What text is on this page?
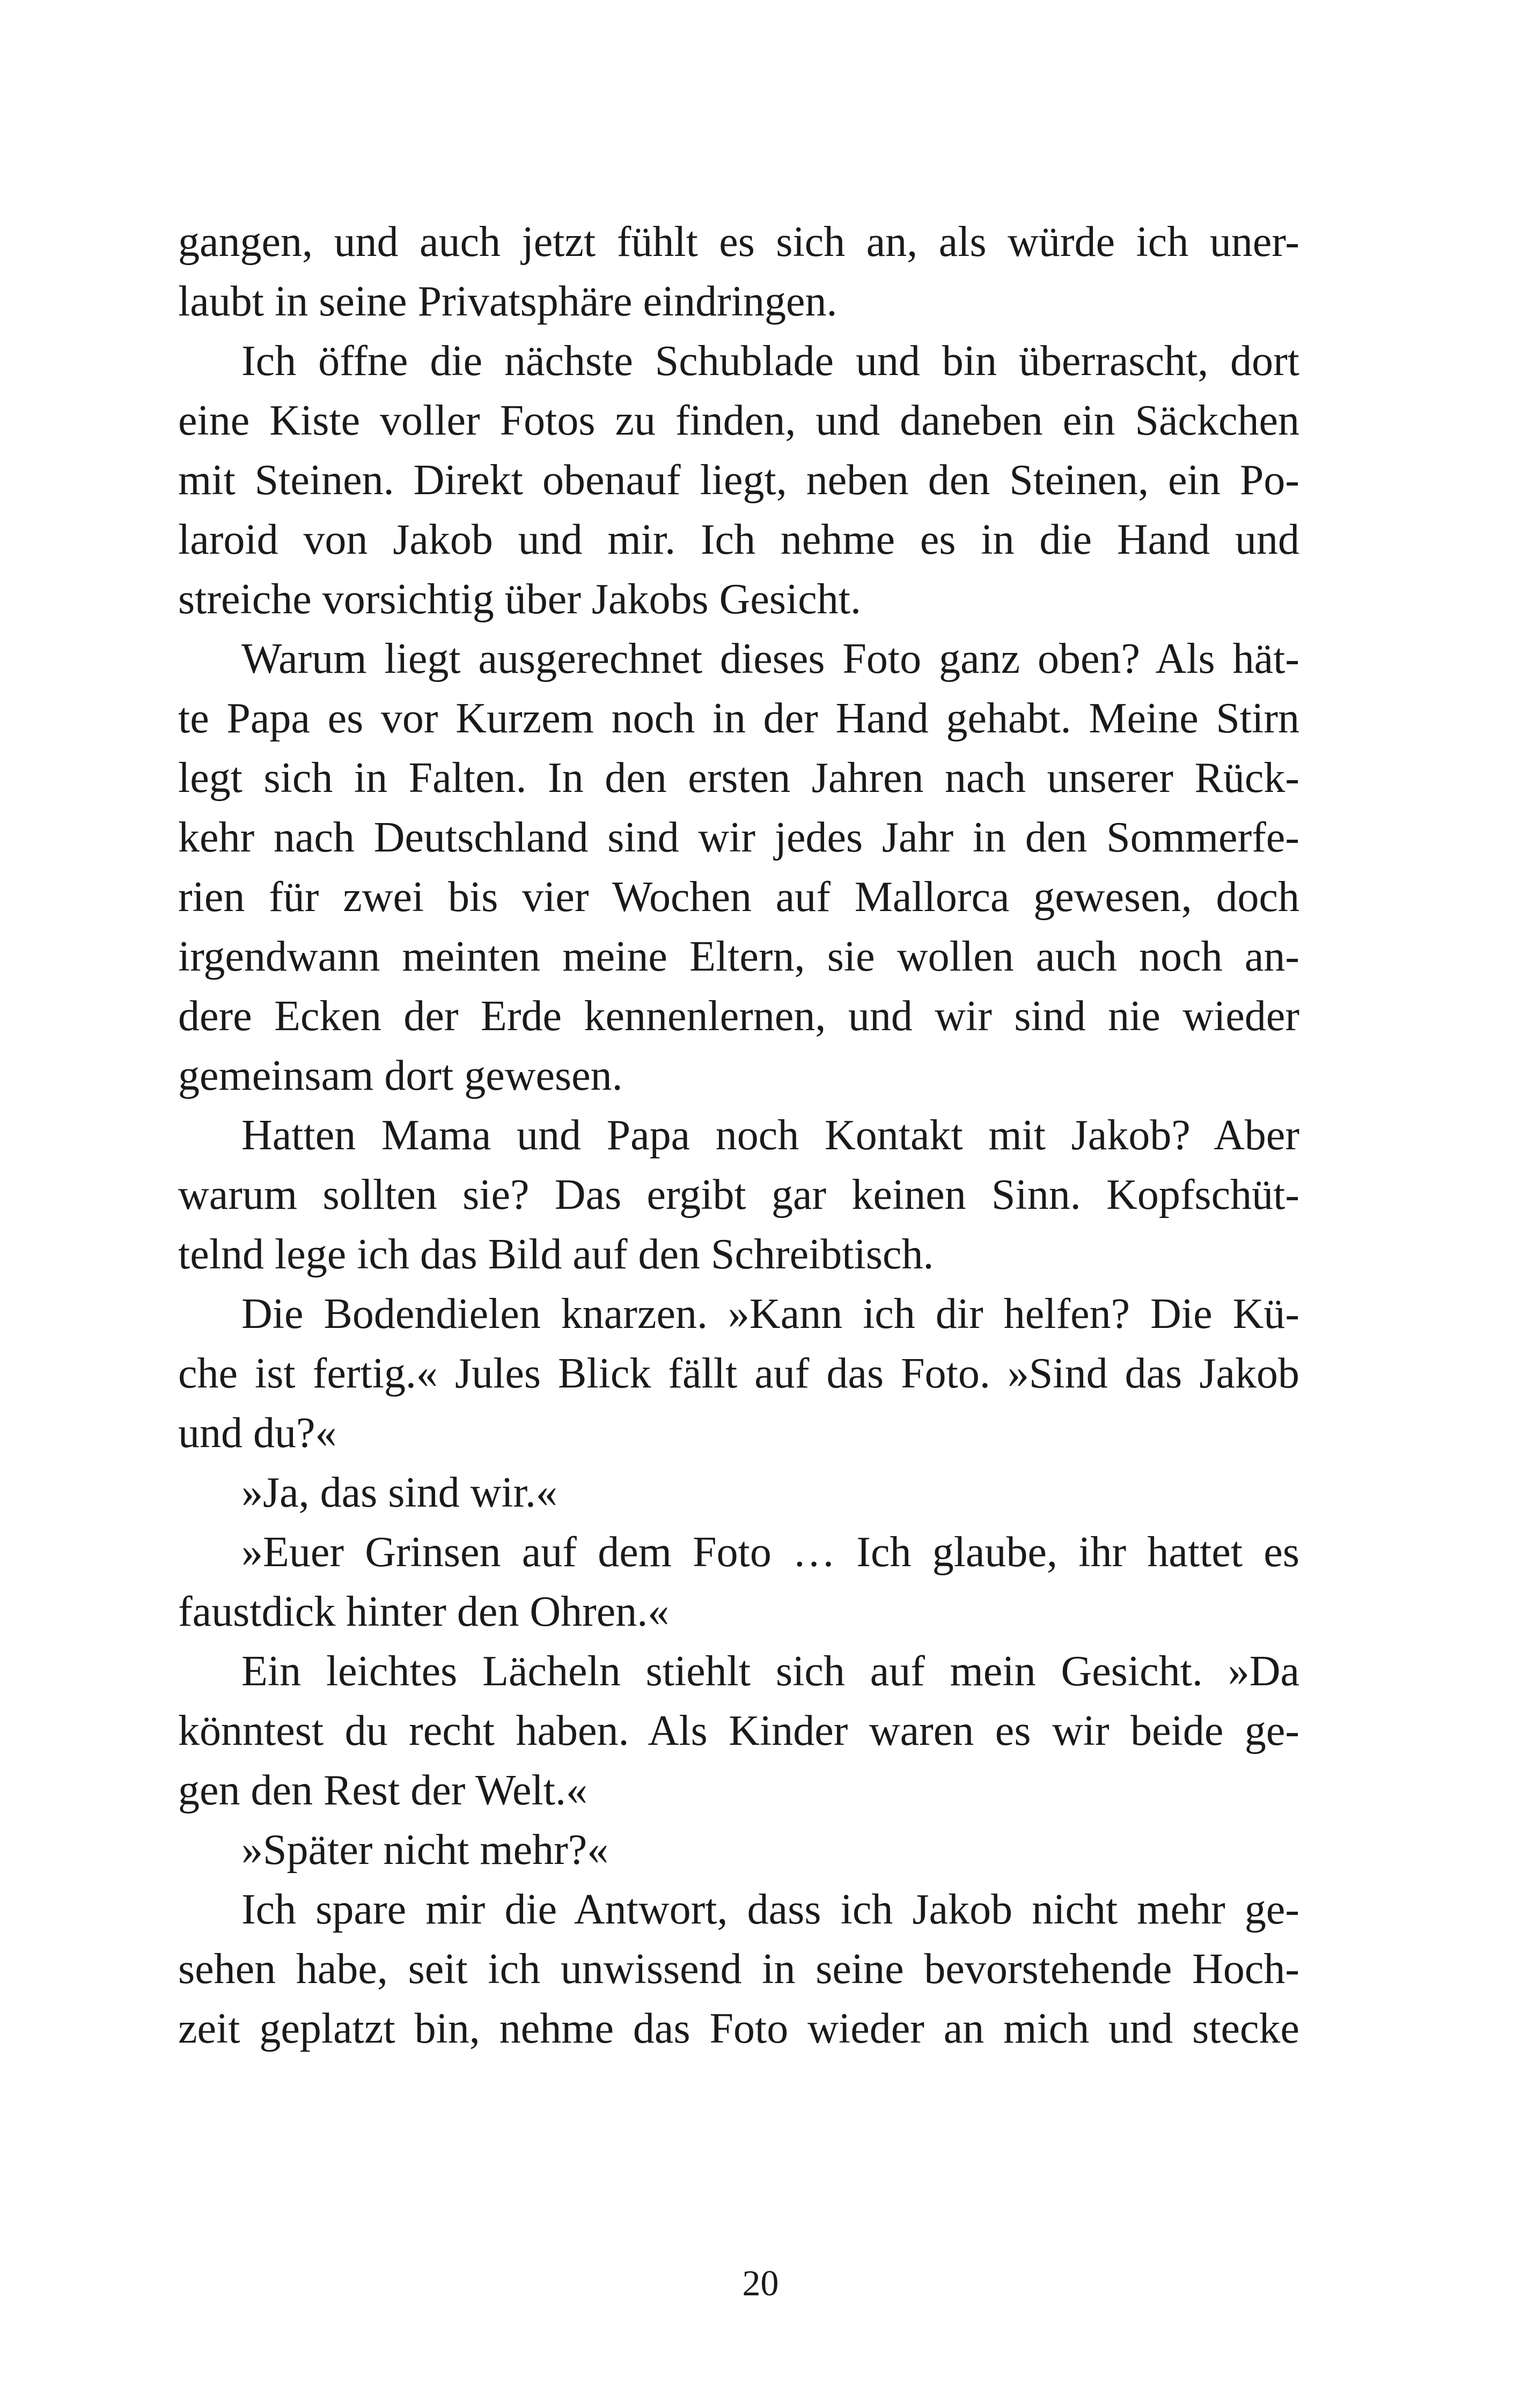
gangen, und auch jetzt fühlt es sich an, als würde ich uner-
laubt in seine Privatsphäre eindringen.
Ich öffne die nächste Schublade und bin überrascht, dort
eine Kiste voller Fotos zu finden, und daneben ein Säckchen
mit Steinen. Direkt obenauf liegt, neben den Steinen, ein Po-
laroid von Jakob und mir. Ich nehme es in die Hand und
streiche vorsichtig über Jakobs Gesicht.
Warum liegt ausgerechnet dieses Foto ganz oben? Als hät-
te Papa es vor Kurzem noch in der Hand gehabt. Meine Stirn
legt sich in Falten. In den ersten Jahren nach unserer Rück-
kehr nach Deutschland sind wir jedes Jahr in den Sommerfe-
rien für zwei bis vier Wochen auf Mallorca gewesen, doch
irgendwann meinten meine Eltern, sie wollen auch noch an-
dere Ecken der Erde kennenlernen, und wir sind nie wieder
gemeinsam dort gewesen.
Hatten Mama und Papa noch Kontakt mit Jakob? Aber
warum sollten sie? Das ergibt gar keinen Sinn. Kopfschüt-
telnd lege ich das Bild auf den Schreibtisch.
Die Bodendielen knarzen. »Kann ich dir helfen? Die Kü-
che ist fertig.« Jules Blick fällt auf das Foto. »Sind das Jakob
und du?«
»Ja, das sind wir.«
»Euer Grinsen auf dem Foto … Ich glaube, ihr hattet es
faustdick hinter den Ohren.«
Ein leichtes Lächeln stiehlt sich auf mein Gesicht. »Da
könntest du recht haben. Als Kinder waren es wir beide ge-
gen den Rest der Welt.«
»Später nicht mehr?«
Ich spare mir die Antwort, dass ich Jakob nicht mehr ge-
sehen habe, seit ich unwissend in seine bevorstehende Hoch-
zeit geplatzt bin, nehme das Foto wieder an mich und stecke
20
